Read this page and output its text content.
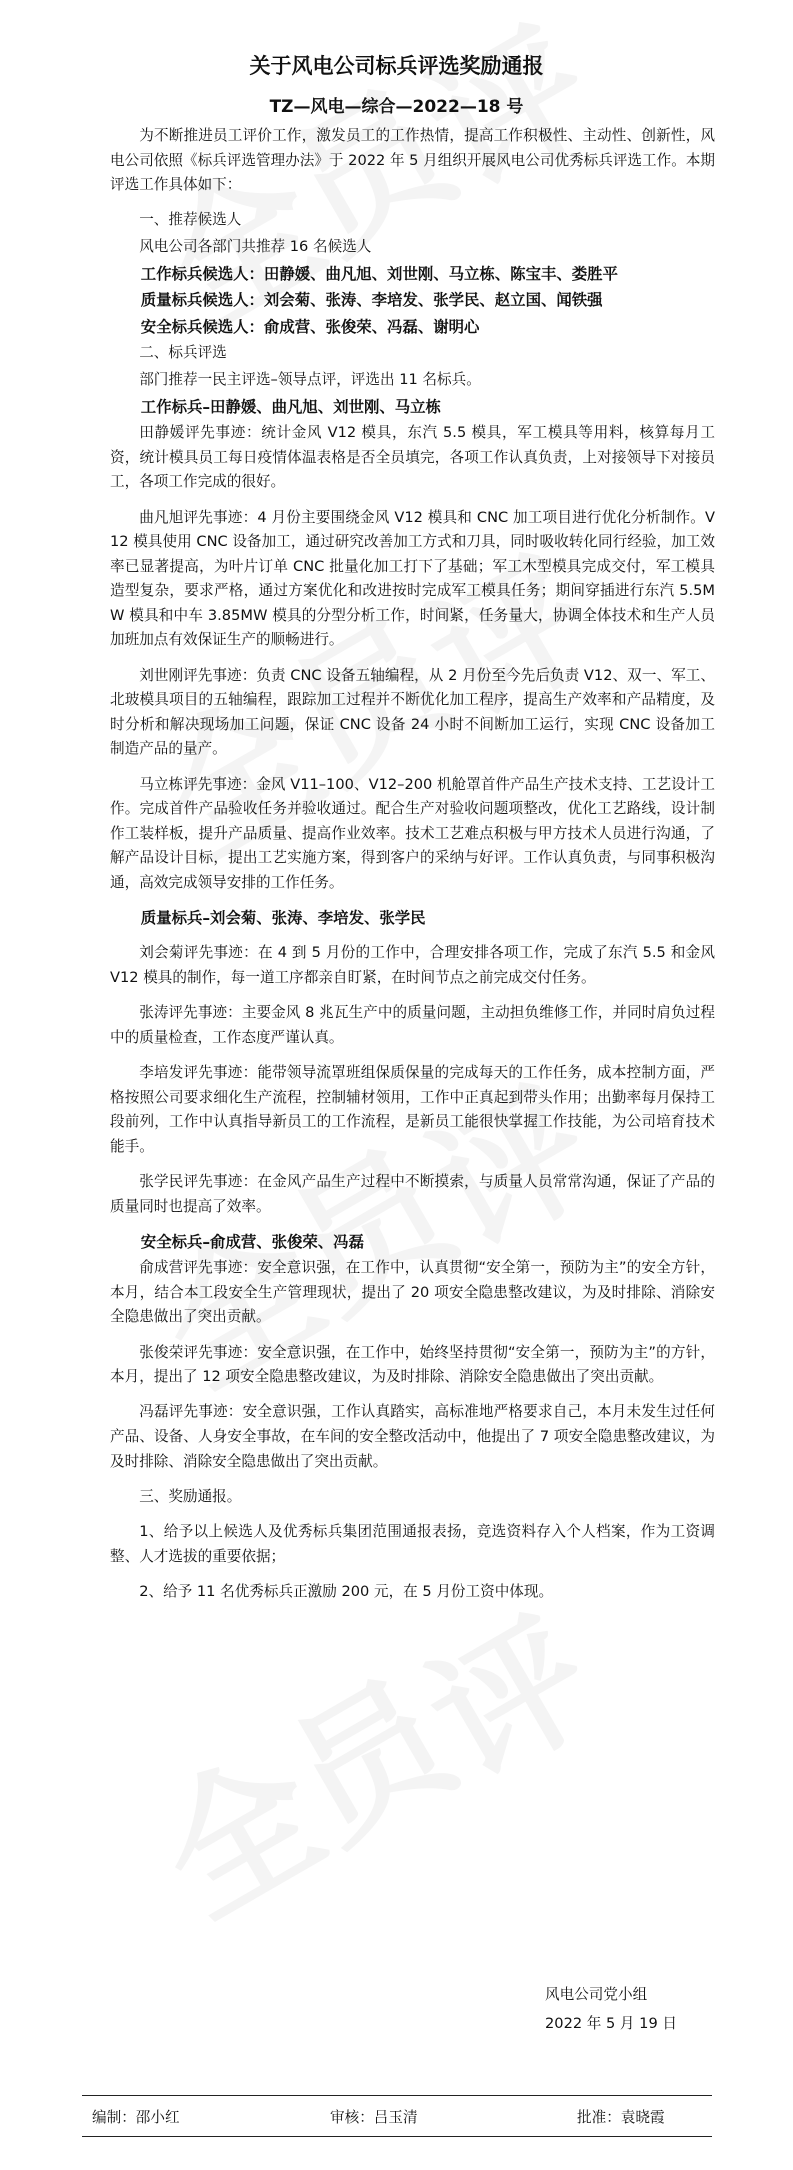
关于风电公司标兵评选奖励通报
TZ—风电—综合—2022—18 号

为不断推进员工评价工作，激发员工的工作热情，提高工作积极性、主动性、创新性，风电公司依照《标兵评选管理办法》于 2022 年 5 月组织开展风电公司优秀标兵评选工作。本期评选工作具体如下：

一、推荐候选人

风电公司各部门共推荐 16 名候选人

工作标兵候选人：田静媛、曲凡旭、刘世刚、马立栋、陈宝丰、娄胜平

质量标兵候选人：刘会菊、张涛、李培发、张学民、赵立国、闻铁强

安全标兵候选人：俞成营、张俊荣、冯磊、谢明心

二、标兵评选

部门推荐一民主评选–领导点评，评选出 11 名标兵。

工作标兵–田静媛、曲凡旭、刘世刚、马立栋

田静媛评先事迹：统计金风 V12 模具，东汽 5.5 模具，军工模具等用料，核算每月工资，统计模具员工每日疫情体温表格是否全员填完，各项工作认真负责，上对接领导下对接员工，各项工作完成的很好。

曲凡旭评先事迹：4 月份主要围绕金风 V12 模具和 CNC 加工项目进行优化分析制作。V12 模具使用 CNC 设备加工，通过研究改善加工方式和刀具，同时吸收转化同行经验，加工效率已显著提高，为叶片订单 CNC 批量化加工打下了基础；军工木型模具完成交付，军工模具造型复杂，要求严格，通过方案优化和改进按时完成军工模具任务；期间穿插进行东汽 5.5MW 模具和中车 3.85MW 模具的分型分析工作，时间紧，任务量大，协调全体技术和生产人员加班加点有效保证生产的顺畅进行。

刘世刚评先事迹：负责 CNC 设备五轴编程，从 2 月份至今先后负责 V12、双一、军工、北玻模具项目的五轴编程，跟踪加工过程并不断优化加工程序，提高生产效率和产品精度，及时分析和解决现场加工问题，保证 CNC 设备 24 小时不间断加工运行，实现 CNC 设备加工制造产品的量产。

马立栋评先事迹：金风 V11–100、V12–200 机舱罩首件产品生产技术支持、工艺设计工作。完成首件产品验收任务并验收通过。配合生产对验收问题项整改，优化工艺路线，设计制作工装样板，提升产品质量、提高作业效率。技术工艺难点积极与甲方技术人员进行沟通，了解产品设计目标，提出工艺实施方案，得到客户的采纳与好评。工作认真负责，与同事积极沟通，高效完成领导安排的工作任务。

质量标兵–刘会菊、张涛、李培发、张学民

刘会菊评先事迹：在 4 到 5 月份的工作中，合理安排各项工作，完成了东汽 5.5 和金风 V12 模具的制作，每一道工序都亲自盯紧，在时间节点之前完成交付任务。

张涛评先事迹：主要金风 8 兆瓦生产中的质量问题，主动担负维修工作，并同时肩负过程中的质量检查，工作态度严谨认真。

李培发评先事迹：能带领导流罩班组保质保量的完成每天的工作任务，成本控制方面，严格按照公司要求细化生产流程，控制辅材领用，工作中正真起到带头作用；出勤率每月保持工段前列，工作中认真指导新员工的工作流程，是新员工能很快掌握工作技能，为公司培育技术能手。

张学民评先事迹：在金风产品生产过程中不断摸索，与质量人员常常沟通，保证了产品的质量同时也提高了效率。

安全标兵–俞成营、张俊荣、冯磊

俞成营评先事迹：安全意识强，在工作中，认真贯彻“安全第一，预防为主”的安全方针，本月，结合本工段安全生产管理现状，提出了 20 项安全隐患整改建议，为及时排除、消除安全隐患做出了突出贡献。

张俊荣评先事迹：安全意识强，在工作中，始终坚持贯彻“安全第一，预防为主”的方针，本月，提出了 12 项安全隐患整改建议，为及时排除、消除安全隐患做出了突出贡献。

冯磊评先事迹：安全意识强，工作认真踏实，高标准地严格要求自己，本月未发生过任何产品、设备、人身安全事故，在车间的安全整改活动中，他提出了 7 项安全隐患整改建议，为及时排除、消除安全隐患做出了突出贡献。

三、奖励通报。

1、给予以上候选人及优秀标兵集团范围通报表扬，竞选资料存入个人档案，作为工资调整、人才选拔的重要依据；

2、给予 11 名优秀标兵正激励 200 元，在 5 月份工资中体现。

风电公司党小组
2022 年 5 月 19 日
编制：邵小红	审核：吕玉清	批准：袁晓霞
